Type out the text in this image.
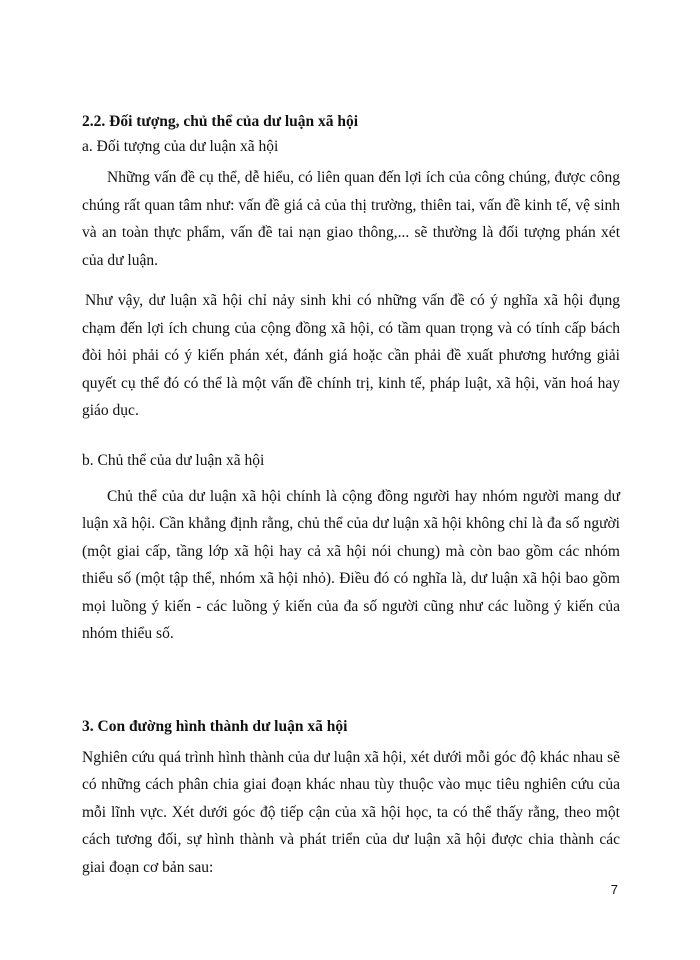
2.2. Đối tượng, chủ thể của dư luận xã hội

a. Đối tượng của dư luận xã hội

Những vấn đề cụ thể, dễ hiểu, có liên quan đến lợi ích của công chúng, được công chúng rất quan tâm như: vấn đề giá cả của thị trường, thiên tai, vấn đề kinh tế, vệ sinh và an toàn thực phẩm, vấn đề tai nạn giao thông,... sẽ thường là đối tượng phán xét của dư luận.

Như vậy, dư luận xã hội chỉ nảy sinh khi có những vấn đề có ý nghĩa xã hội đụng chạm đến lợi ích chung của cộng đồng xã hội, có tầm quan trọng và có tính cấp bách đòi hỏi phải có ý kiến phán xét, đánh giá hoặc cần phải đề xuất phương hướng giải quyết cụ thể đó có thể là một vấn đề chính trị, kinh tế, pháp luật, xã hội, văn hoá hay giáo dục.

b. Chủ thể của dư luận xã hội

Chủ thể của dư luận xã hội chính là cộng đồng người hay nhóm người mang dư luận xã hội. Cần khẳng định rằng, chủ thể của dư luận xã hội không chỉ là đa số người (một giai cấp, tầng lớp xã hội hay cả xã hội nói chung) mà còn bao gồm các nhóm thiểu số (một tập thể, nhóm xã hội nhỏ). Điều đó có nghĩa là, dư luận xã hội bao gồm mọi luồng ý kiến - các luồng ý kiến của đa số người cũng như các luồng ý kiến của nhóm thiểu số.

3. Con đường hình thành dư luận xã hội

Nghiên cứu quá trình hình thành của dư luận xã hội, xét dưới mỗi góc độ khác nhau sẽ có những cách phân chia giai đoạn khác nhau tùy thuộc vào mục tiêu nghiên cứu của mỗi lĩnh vực. Xét dưới góc độ tiếp cận của xã hội học, ta có thể thấy rằng, theo một cách tương đối, sự hình thành và phát triển của dư luận xã hội được chia thành các giai đoạn cơ bản sau:

7
